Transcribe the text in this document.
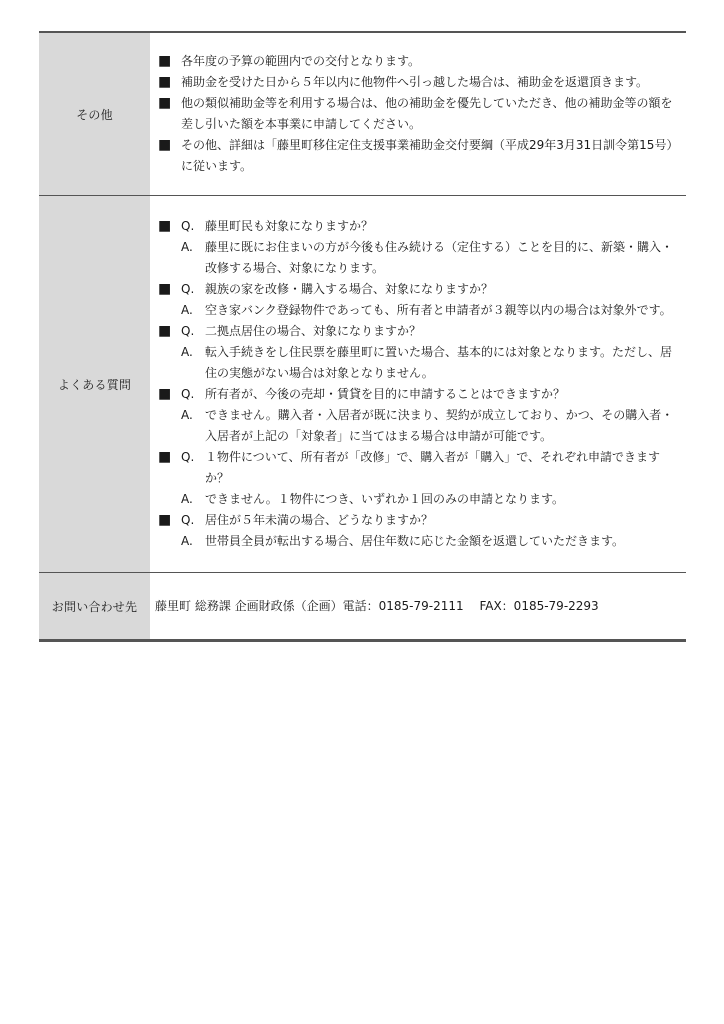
その他
■ 各年度の予算の範囲内での交付となります。
■ 補助金を受けた日から５年以内に他物件へ引っ越した場合は、補助金を返還頂きます。
■ 他の類似補助金等を利用する場合は、他の補助金を優先していただき、他の補助金等の額を差し引いた額を本事業に申請してください。
■ その他、詳細は「藤里町移住定住支援事業補助金交付要綱（平成29年3月31日訓令第15号）に従います。
よくある質問
■ Q. 藤里町民も対象になりますか？
A. 藤里に既にお住まいの方が今後も住み続ける（定住する）ことを目的に、新築・購入・改修する場合、対象になります。
■ Q. 親族の家を改修・購入する場合、対象になりますか？
A. 空き家バンク登録物件であっても、所有者と申請者が３親等以内の場合は対象外です。
■ Q. 二拠点居住の場合、対象になりますか？
A. 転入手続きをし住民票を藤里町に置いた場合、基本的には対象となります。ただし、居住の実態がない場合は対象となりません。
■ Q. 所有者が、今後の売却・賃貸を目的に申請することはできますか？
A. できません。購入者・入居者が既に決まり、契約が成立しており、かつ、その購入者・入居者が上記の「対象者」に当てはまる場合は申請が可能です。
■ Q. １物件について、所有者が「改修」で、購入者が「購入」で、それぞれ申請できますか？
A. できません。１物件につき、いずれか１回のみの申請となります。
■ Q. 居住が５年未満の場合、どうなりますか？
A. 世帯員全員が転出する場合、居住年数に応じた金額を返還していただきます。
お問い合わせ先	藤里町 総務課 企画財政係（企画）電話：0185-79-2111　 FAX：0185-79-2293
